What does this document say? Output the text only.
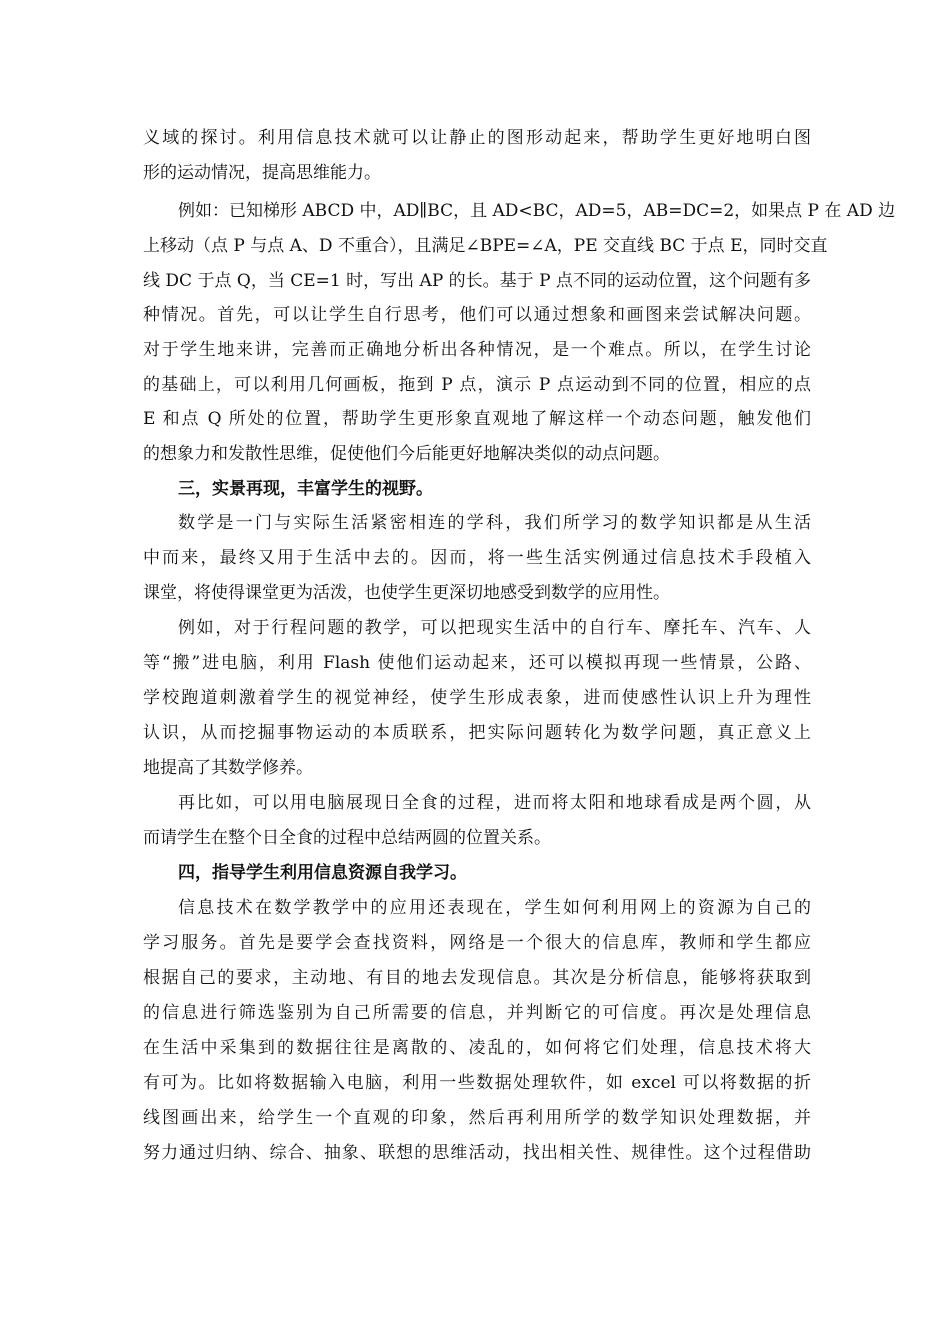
义域的探讨。利用信息技术就可以让静止的图形动起来，帮助学生更好地明白图
形的运动情况，提高思维能力。
例如：已知梯形 ABCD 中，AD∥BC，且 AD<BC，AD=5，AB=DC=2，如果点 P 在 AD 边
上移动（点 P 与点 A、D 不重合），且满足∠BPE=∠A，PE 交直线 BC 于点 E，同时交直
线 DC 于点 Q，当 CE=1 时，写出 AP 的长。基于 P 点不同的运动位置，这个问题有多
种情况。首先，可以让学生自行思考，他们可以通过想象和画图来尝试解决问题。
对于学生地来讲，完善而正确地分析出各种情况，是一个难点。所以，在学生讨论
的基础上，可以利用几何画板，拖到 P 点，演示 P 点运动到不同的位置，相应的点
E 和点 Q 所处的位置，帮助学生更形象直观地了解这样一个动态问题，触发他们
的想象力和发散性思维，促使他们今后能更好地解决类似的动点问题。
三，实景再现，丰富学生的视野。
数学是一门与实际生活紧密相连的学科，我们所学习的数学知识都是从生活
中而来，最终又用于生活中去的。因而，将一些生活实例通过信息技术手段植入
课堂，将使得课堂更为活泼，也使学生更深切地感受到数学的应用性。
例如，对于行程问题的教学，可以把现实生活中的自行车、摩托车、汽车、人
等“搬”进电脑，利用 Flash 使他们运动起来，还可以模拟再现一些情景，公路、
学校跑道刺激着学生的视觉神经，使学生形成表象，进而使感性认识上升为理性
认识，从而挖掘事物运动的本质联系，把实际问题转化为数学问题，真正意义上
地提高了其数学修养。
再比如，可以用电脑展现日全食的过程，进而将太阳和地球看成是两个圆，从
而请学生在整个日全食的过程中总结两圆的位置关系。
四，指导学生利用信息资源自我学习。
信息技术在数学教学中的应用还表现在，学生如何利用网上的资源为自己的
学习服务。首先是要学会查找资料，网络是一个很大的信息库，教师和学生都应
根据自己的要求，主动地、有目的地去发现信息。其次是分析信息，能够将获取到
的信息进行筛选鉴别为自己所需要的信息，并判断它的可信度。再次是处理信息
在生活中采集到的数据往往是离散的、凌乱的，如何将它们处理，信息技术将大
有可为。比如将数据输入电脑，利用一些数据处理软件，如 excel 可以将数据的折
线图画出来，给学生一个直观的印象，然后再利用所学的数学知识处理数据，并
努力通过归纳、综合、抽象、联想的思维活动，找出相关性、规律性。这个过程借助
